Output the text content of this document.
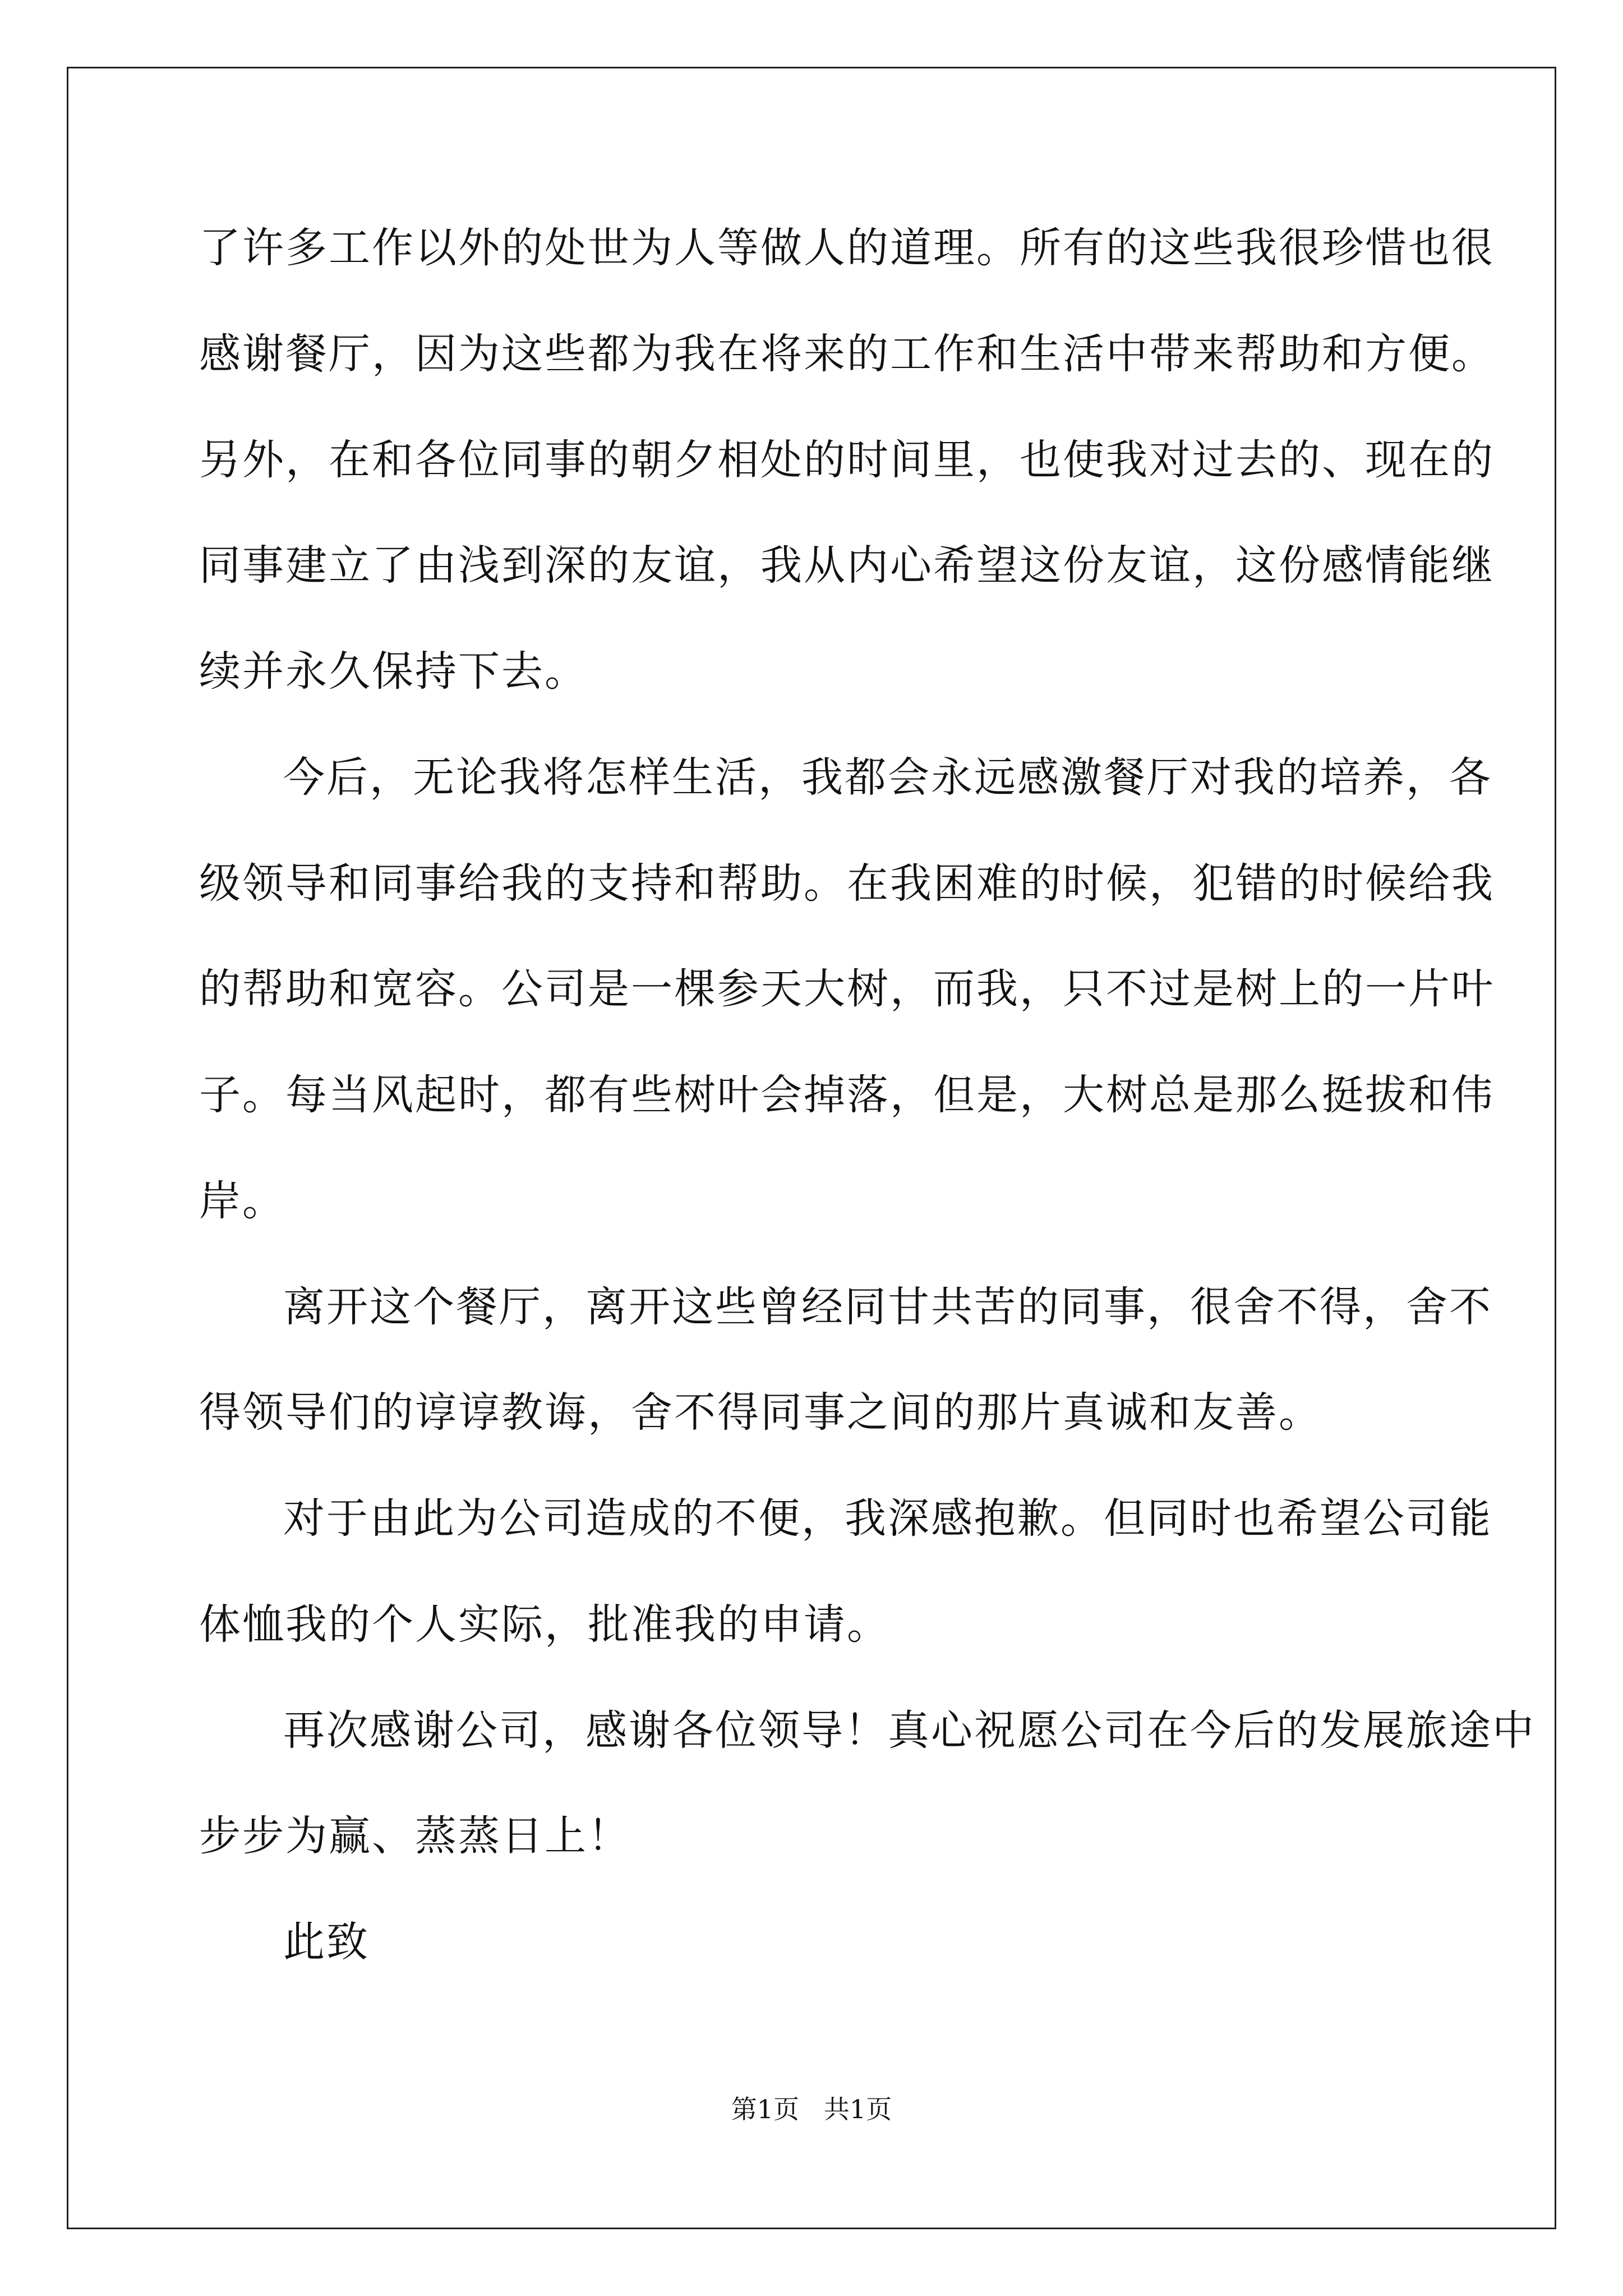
了许多工作以外的处世为人等做人的道理。所有的这些我很珍惜也很
感谢餐厅，因为这些都为我在将来的工作和生活中带来帮助和方便。
另外，在和各位同事的朝夕相处的时间里，也使我对过去的、现在的
同事建立了由浅到深的友谊，我从内心希望这份友谊，这份感情能继
续并永久保持下去。
今后，无论我将怎样生活，我都会永远感激餐厅对我的培养，各
级领导和同事给我的支持和帮助。在我困难的时候，犯错的时候给我
的帮助和宽容。公司是一棵参天大树，而我，只不过是树上的一片叶
子。每当风起时，都有些树叶会掉落，但是，大树总是那么挺拔和伟
岸。
离开这个餐厅，离开这些曾经同甘共苦的同事，很舍不得，舍不
得领导们的谆谆教诲，舍不得同事之间的那片真诚和友善。
对于由此为公司造成的不便，我深感抱歉。但同时也希望公司能
体恤我的个人实际，批准我的申请。
再次感谢公司，感谢各位领导！真心祝愿公司在今后的发展旅途中
步步为赢、蒸蒸日上！
此致
第1页   共1页
